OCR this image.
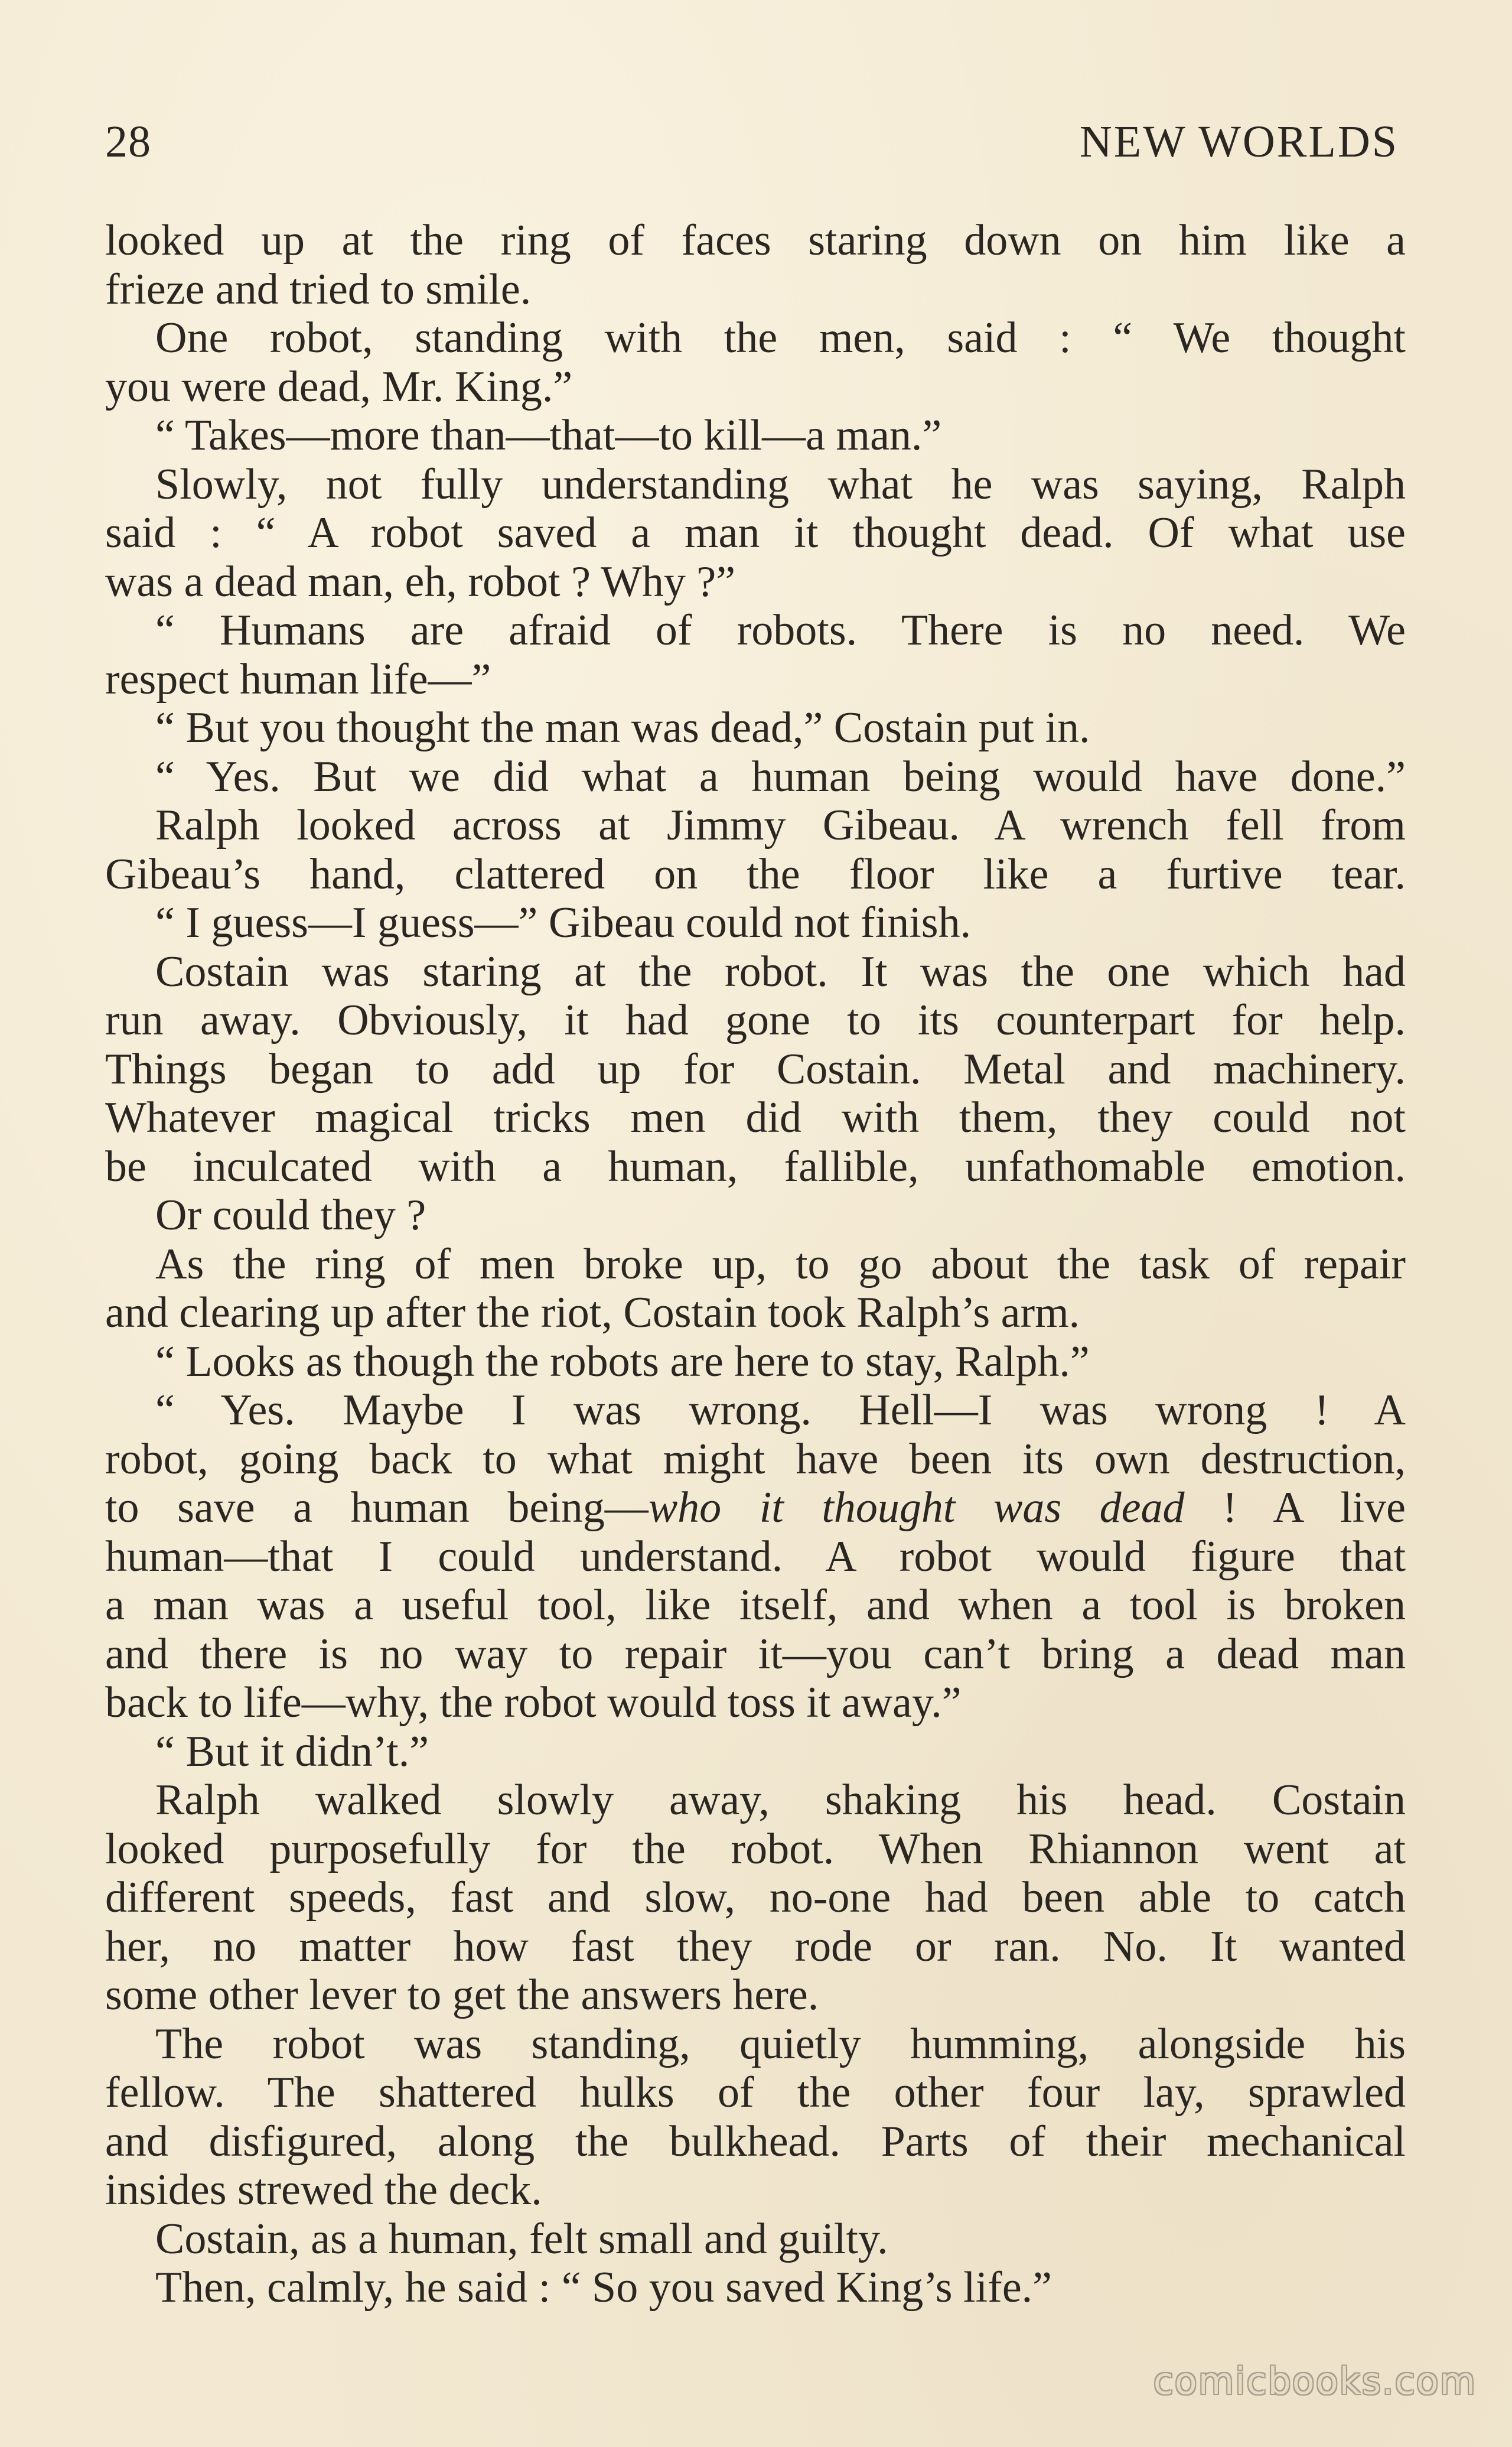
28	NEW WORLDS
looked up at the ring of faces staring down on him like a
frieze and tried to smile.
One robot, standing with the men, said : “ We thought
you were dead, Mr. King.”
“ Takes—more than—that—to kill—a man.”
Slowly, not fully understanding what he was saying, Ralph
said : “ A robot saved a man it thought dead. Of what use
was a dead man, eh, robot ? Why ?”
“ Humans are afraid of robots. There is no need. We
respect human life—”
“ But you thought the man was dead,” Costain put in.
“ Yes. But we did what a human being would have done.”
Ralph looked across at Jimmy Gibeau. A wrench fell from
Gibeau’s hand, clattered on the floor like a furtive tear.
“ I guess—I guess—” Gibeau could not finish.
Costain was staring at the robot. It was the one which had
run away. Obviously, it had gone to its counterpart for help.
Things began to add up for Costain. Metal and machinery.
Whatever magical tricks men did with them, they could not
be inculcated with a human, fallible, unfathomable emotion.
Or could they ?
As the ring of men broke up, to go about the task of repair
and clearing up after the riot, Costain took Ralph’s arm.
“ Looks as though the robots are here to stay, Ralph.”
“ Yes. Maybe I was wrong. Hell—I was wrong ! A
robot, going back to what might have been its own destruction,
to save a human being—who it thought was dead ! A live
human—that I could understand. A robot would figure that
a man was a useful tool, like itself, and when a tool is broken
and there is no way to repair it—you can’t bring a dead man
back to life—why, the robot would toss it away.”
“ But it didn’t.”
Ralph walked slowly away, shaking his head. Costain
looked purposefully for the robot. When Rhiannon went at
different speeds, fast and slow, no-one had been able to catch
her, no matter how fast they rode or ran. No. It wanted
some other lever to get the answers here.
The robot was standing, quietly humming, alongside his
fellow. The shattered hulks of the other four lay, sprawled
and disfigured, along the bulkhead. Parts of their mechanical
insides strewed the deck.
Costain, as a human, felt small and guilty.
Then, calmly, he said : “ So you saved King’s life.”
comicbooks.com
